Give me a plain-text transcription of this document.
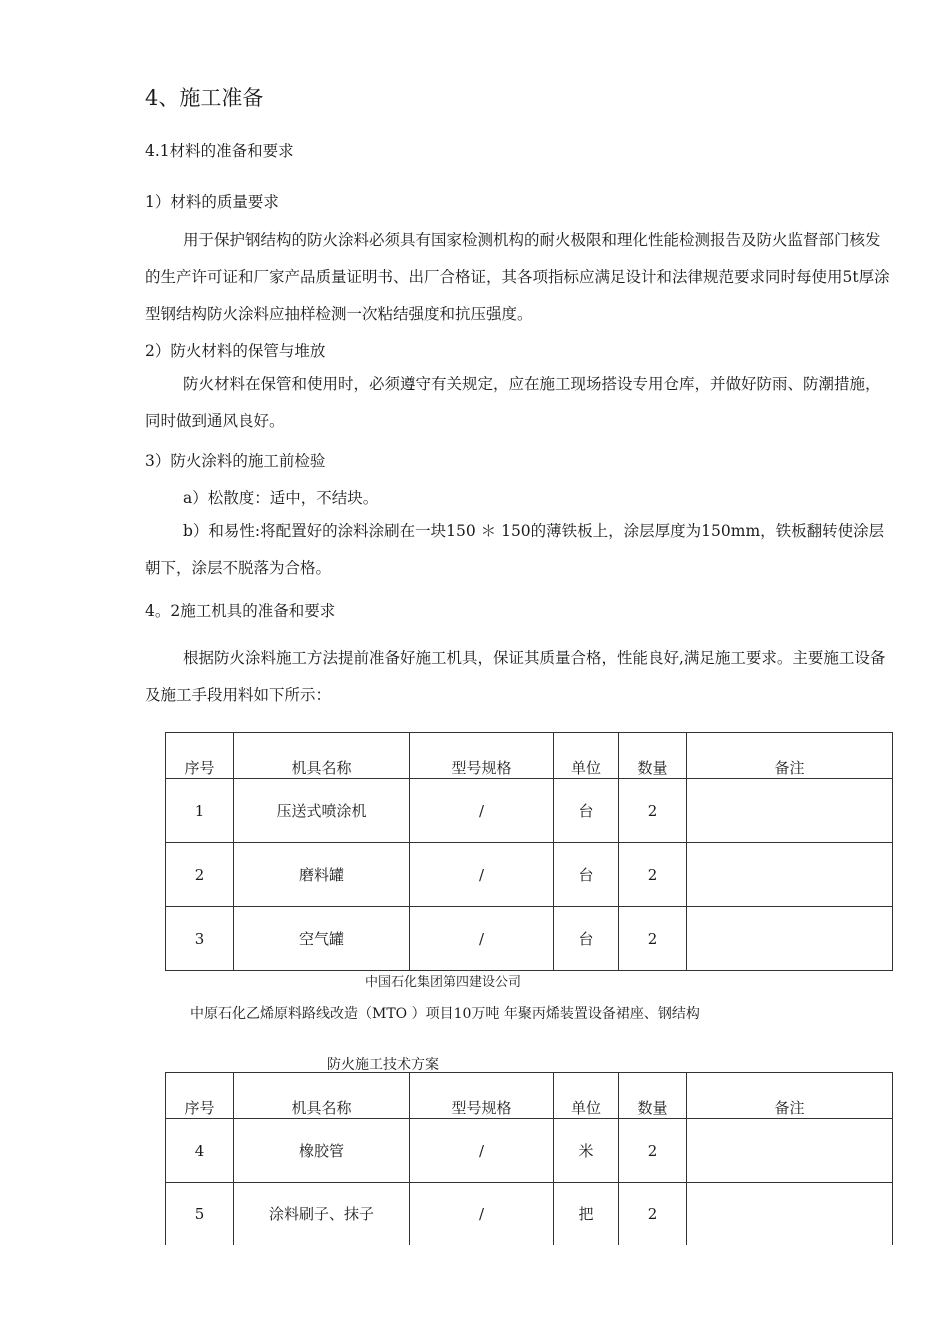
4、施工准备
4.1材料的准备和要求
1）材料的质量要求
用于保护钢结构的防火涂料必须具有国家检测机构的耐火极限和理化性能检测报告及防火监督部门核发的生产许可证和厂家产品质量证明书、出厂合格证，其各项指标应满足设计和法律规范要求同时每使用5t厚涂型钢结构防火涂料应抽样检测一次粘结强度和抗压强度。
2）防火材料的保管与堆放
防火材料在保管和使用时，必须遵守有关规定，应在施工现场搭设专用仓库，并做好防雨、防潮措施，同时做到通风良好。
3）防火涂料的施工前检验
a）松散度：适中，不结块。
b）和易性:将配置好的涂料涂刷在一块150 ＊ 150的薄铁板上，涂层厚度为150mm，铁板翻转使涂层朝下，涂层不脱落为合格。
4。2施工机具的准备和要求
根据防火涂料施工方法提前准备好施工机具，保证其质量合格，性能良好,满足施工要求。主要施工设备及施工手段用料如下所示：
序号	机具名称	型号规格	单位	数量	备注
1	压送式喷涂机	/	台	2	
2	磨料罐	/	台	2	
3	空气罐	/	台	2	
中国石化集团第四建设公司
中原石化乙烯原料路线改造（MTO ）项目10万吨 年聚丙烯装置设备裙座、钢结构
防火施工技术方案
序号	机具名称	型号规格	单位	数量	备注
4	橡胶管	/	米	2	
5	涂料刷子、抹子	/	把	2	
